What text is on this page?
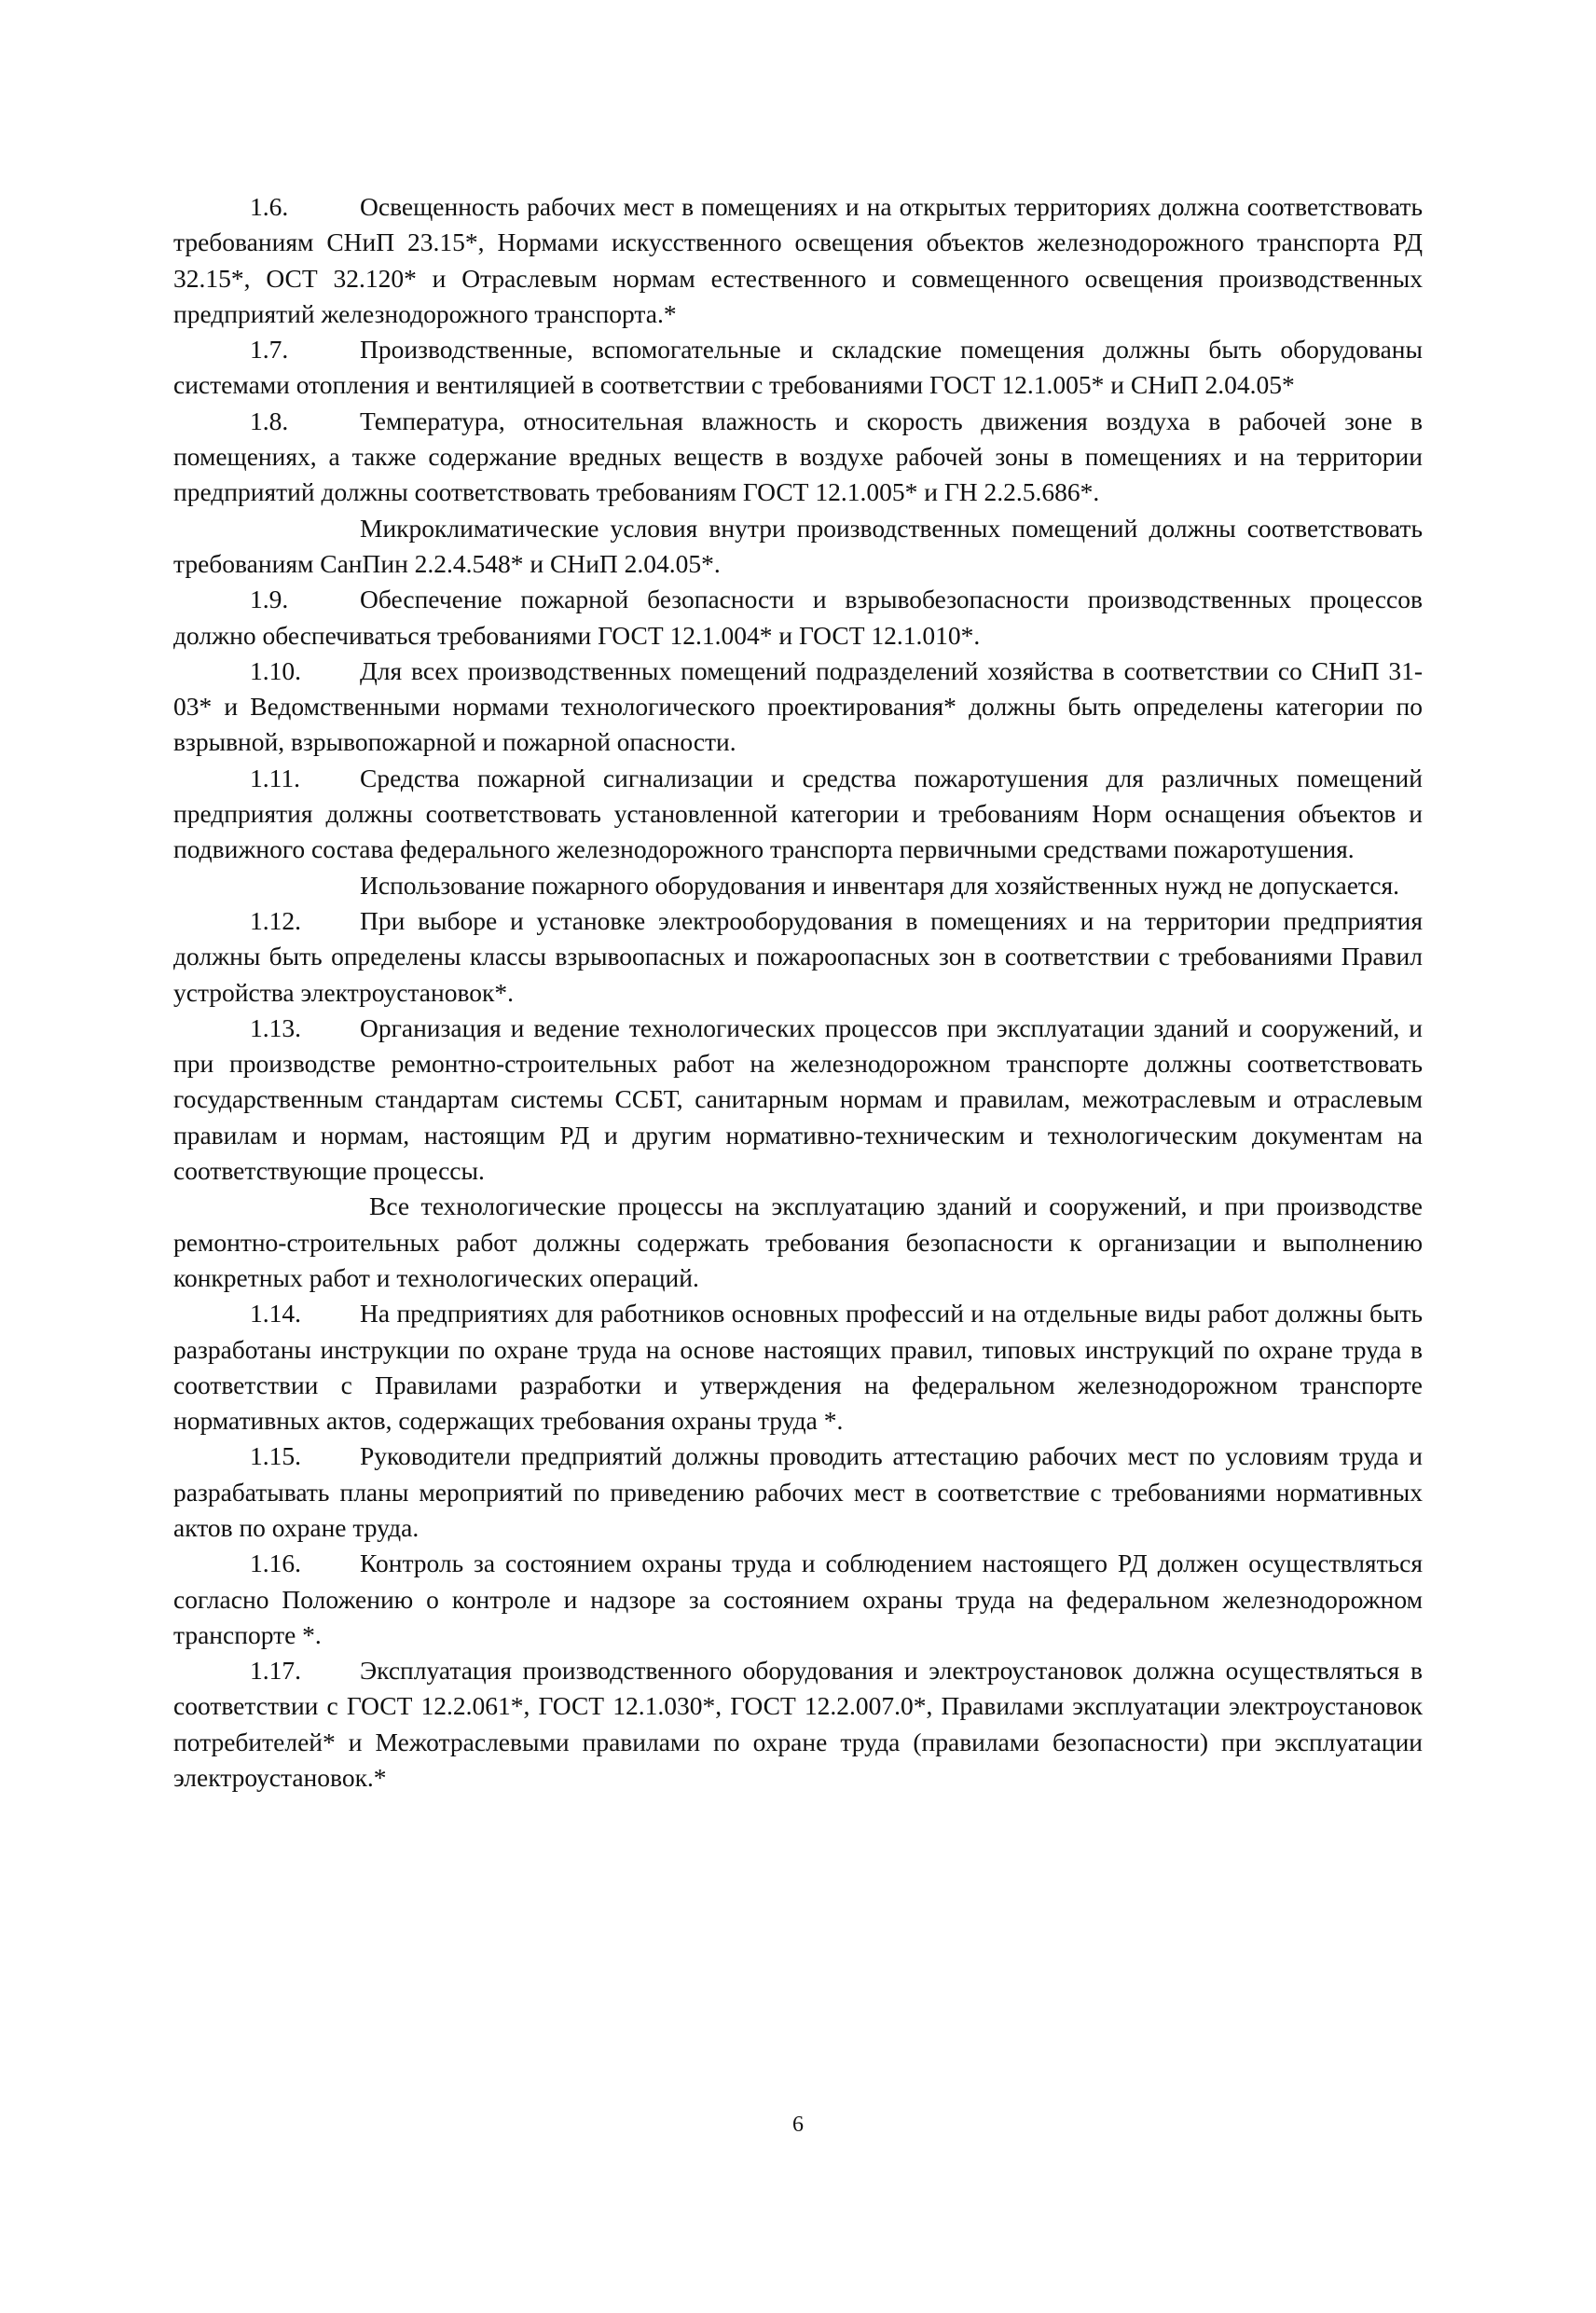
1.6.	Освещенность рабочих мест в помещениях и на открытых территориях должна соответствовать требованиям СНиП 23.15*, Нормами искусственного освещения объектов железнодорожного транспорта РД 32.15*, ОСТ 32.120* и Отраслевым нормам естественного и совмещенного освещения производственных предприятий железнодорожного транспорта.*

1.7.	Производственные, вспомогательные и складские помещения должны быть оборудованы системами отопления и вентиляцией в соответствии с требованиями ГОСТ 12.1.005* и СНиП 2.04.05*

1.8.	Температура, относительная влажность и скорость движения воздуха в рабочей зоне в помещениях, а также содержание вредных веществ в воздухе рабочей зоны в помещениях и на территории предприятий должны соответствовать требованиям ГОСТ 12.1.005* и ГН 2.2.5.686*.

Микроклиматические условия внутри производственных помещений должны соответствовать требованиям СанПин 2.2.4.548* и СНиП 2.04.05*.

1.9.	Обеспечение пожарной безопасности и взрывобезопасности производственных процессов должно обеспечиваться требованиями ГОСТ 12.1.004* и ГОСТ 12.1.010*.

1.10. Для всех производственных помещений подразделений хозяйства в соответствии со СНиП 31-03* и Ведомственными нормами технологического проектирования* должны быть определены категории по взрывной, взрывопожарной и пожарной опасности.

1.11. Средства пожарной сигнализации и средства пожаротушения для различных помещений предприятия должны соответствовать установленной категории и требованиям Норм оснащения объектов и подвижного состава федерального железнодорожного транспорта первичными средствами пожаротушения.

Использование пожарного оборудования и инвентаря для хозяйственных нужд не допускается.

1.12. При выборе и установке электрооборудования в помещениях и на территории предприятия должны быть определены классы взрывоопасных и пожароопасных зон в соответствии с требованиями Правил устройства электроустановок*.

1.13. Организация и ведение технологических процессов при эксплуатации зданий и сооружений, и при производстве ремонтно-строительных работ на железнодорожном транспорте должны соответствовать государственным стандартам системы ССБТ, санитарным нормам и правилам, межотраслевым и отраслевым правилам и нормам, настоящим РД и другим нормативно-техническим и технологическим документам на соответствующие процессы.

Все технологические процессы на эксплуатацию зданий и сооружений, и при производстве ремонтно-строительных работ должны содержать требования безопасности к организации и выполнению конкретных работ и технологических операций.

1.14. На предприятиях для работников основных профессий и на отдельные виды работ должны быть разработаны инструкции по охране труда на основе настоящих правил, типовых инструкций по охране труда в соответствии с Правилами разработки и утверждения на федеральном железнодорожном транспорте нормативных актов, содержащих требования охраны труда *.

1.15. Руководители предприятий должны проводить аттестацию рабочих мест по условиям труда и разрабатывать планы мероприятий по приведению рабочих мест в соответствие с требованиями нормативных актов по охране труда.

1.16. Контроль за состоянием охраны труда и соблюдением настоящего РД должен осуществляться согласно Положению о контроле и надзоре за состоянием охраны труда на федеральном железнодорожном транспорте *.

1.17. Эксплуатация производственного оборудования и электроустановок должна осуществляться в соответствии с ГОСТ 12.2.061*, ГОСТ 12.1.030*, ГОСТ 12.2.007.0*, Правилами эксплуатации электроустановок потребителей* и Межотраслевыми правилами по охране труда (правилами безопасности) при эксплуатации электроустановок.*

6
